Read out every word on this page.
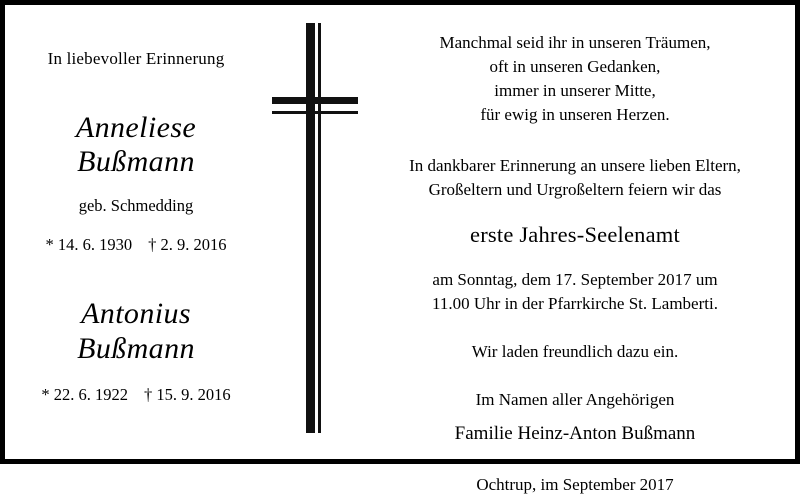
In liebevoller Erinnerung
Anneliese
Bußmann
geb. Schmedding
* 14. 6. 1930 † 2. 9. 2016
Antonius
Bußmann
* 22. 6. 1922 † 15. 9. 2016
Manchmal seid ihr in unseren Träumen,
oft in unseren Gedanken,
immer in unserer Mitte,
für ewig in unseren Herzen.
In dankbarer Erinnerung an unsere lieben Eltern,
Großeltern und Urgroßeltern feiern wir das
erste Jahres-Seelenamt
am Sonntag, dem 17. September 2017 um
11.00 Uhr in der Pfarrkirche St. Lamberti.
Wir laden freundlich dazu ein.
Im Namen aller Angehörigen
Familie Heinz-Anton Bußmann
Ochtrup, im September 2017
